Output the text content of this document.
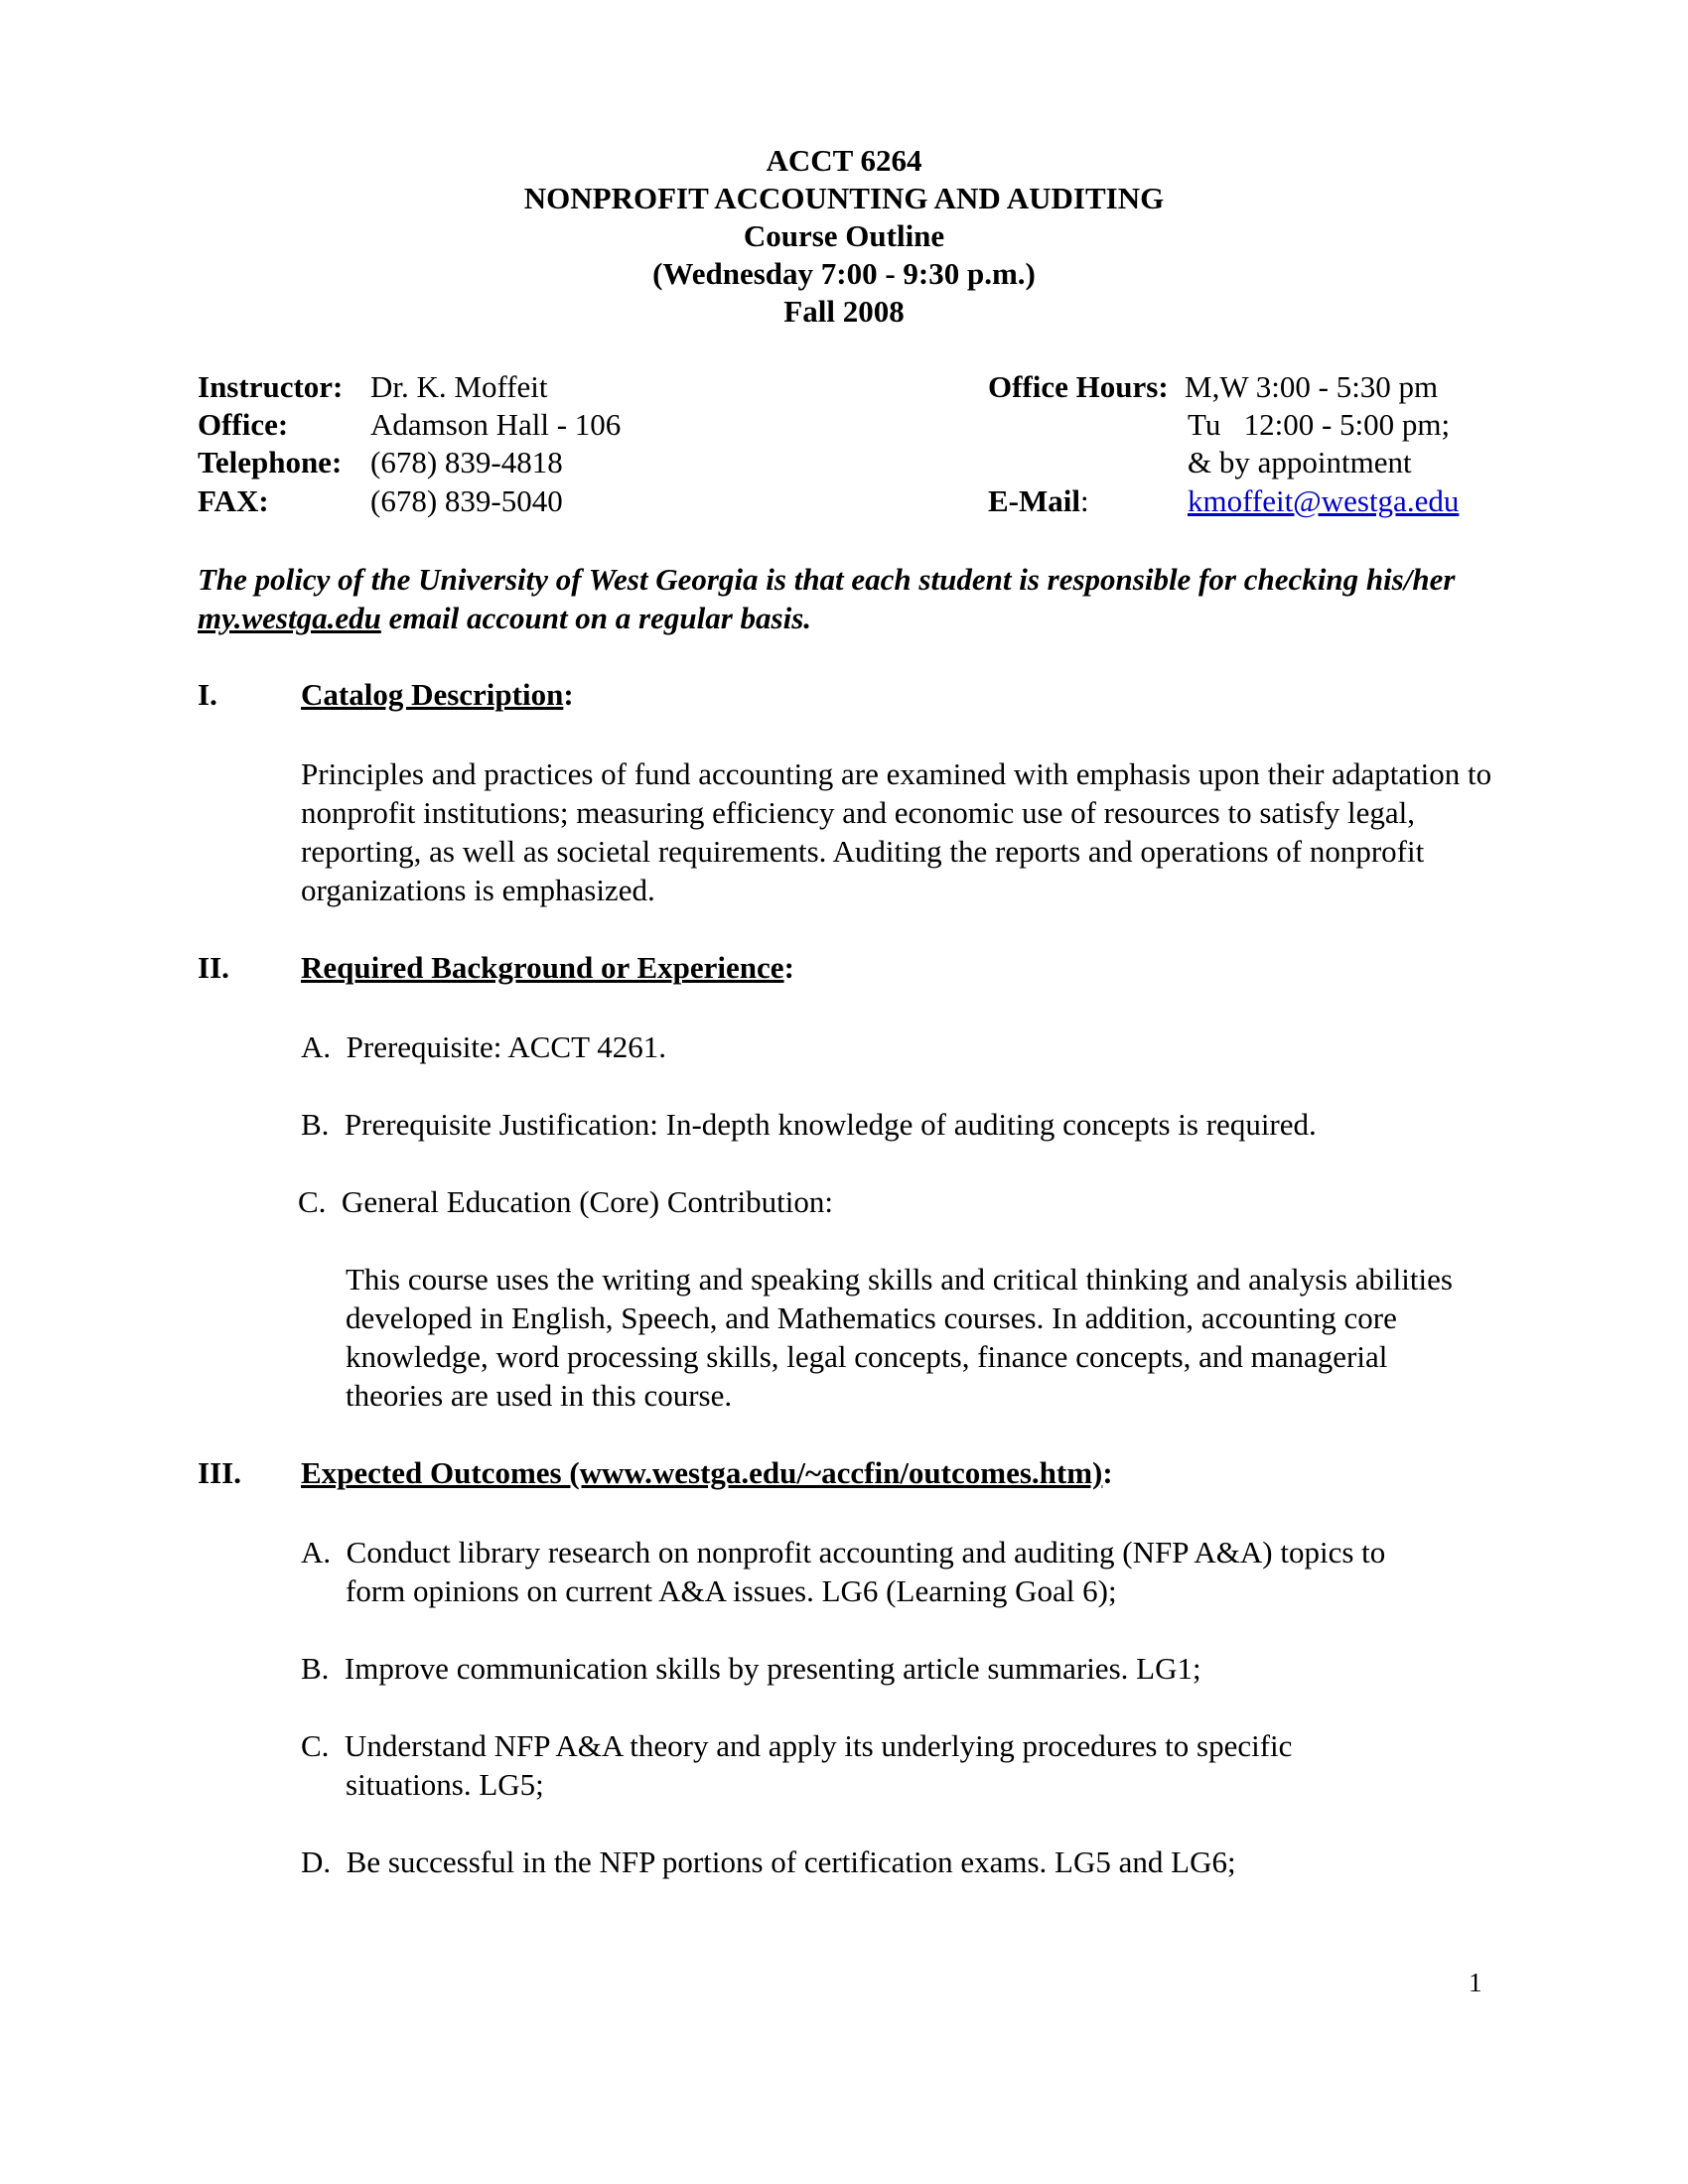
ACCT 6264
NONPROFIT ACCOUNTING AND AUDITING
Course Outline
(Wednesday 7:00 - 9:30 p.m.)
Fall 2008
Instructor: Dr. K. Moffeit
Office:	Adamson Hall - 106
Telephone: (678) 839-4818
FAX:	(678) 839-5040
Office Hours: M,W 3:00 - 5:30 pm
Tu   12:00 - 5:00 pm;
& by appointment
E-Mail:	kmoffeit@westga.edu
The policy of the University of West Georgia is that each student is responsible for checking his/her my.westga.edu email account on a regular basis.
I.	Catalog Description:
Principles and practices of fund accounting are examined with emphasis upon their adaptation to nonprofit institutions; measuring efficiency and economic use of resources to satisfy legal, reporting, as well as societal requirements. Auditing the reports and operations of nonprofit organizations is emphasized.
II. Required Background or Experience:
A.  Prerequisite: ACCT 4261.
B.  Prerequisite Justification: In-depth knowledge of auditing concepts is required.
C.  General Education (Core) Contribution:
This course uses the writing and speaking skills and critical thinking and analysis abilities developed in English, Speech, and Mathematics courses. In addition, accounting core knowledge, word processing skills, legal concepts, finance concepts, and managerial theories are used in this course.
III. Expected Outcomes (www.westga.edu/~accfin/outcomes.htm):
A.  Conduct library research on nonprofit accounting and auditing (NFP A&A) topics to
form opinions on current A&A issues. LG6 (Learning Goal 6);
B.  Improve communication skills by presenting article summaries. LG1;
C.  Understand NFP A&A theory and apply its underlying procedures to specific
situations. LG5;
D.  Be successful in the NFP portions of certification exams. LG5 and LG6;
1
